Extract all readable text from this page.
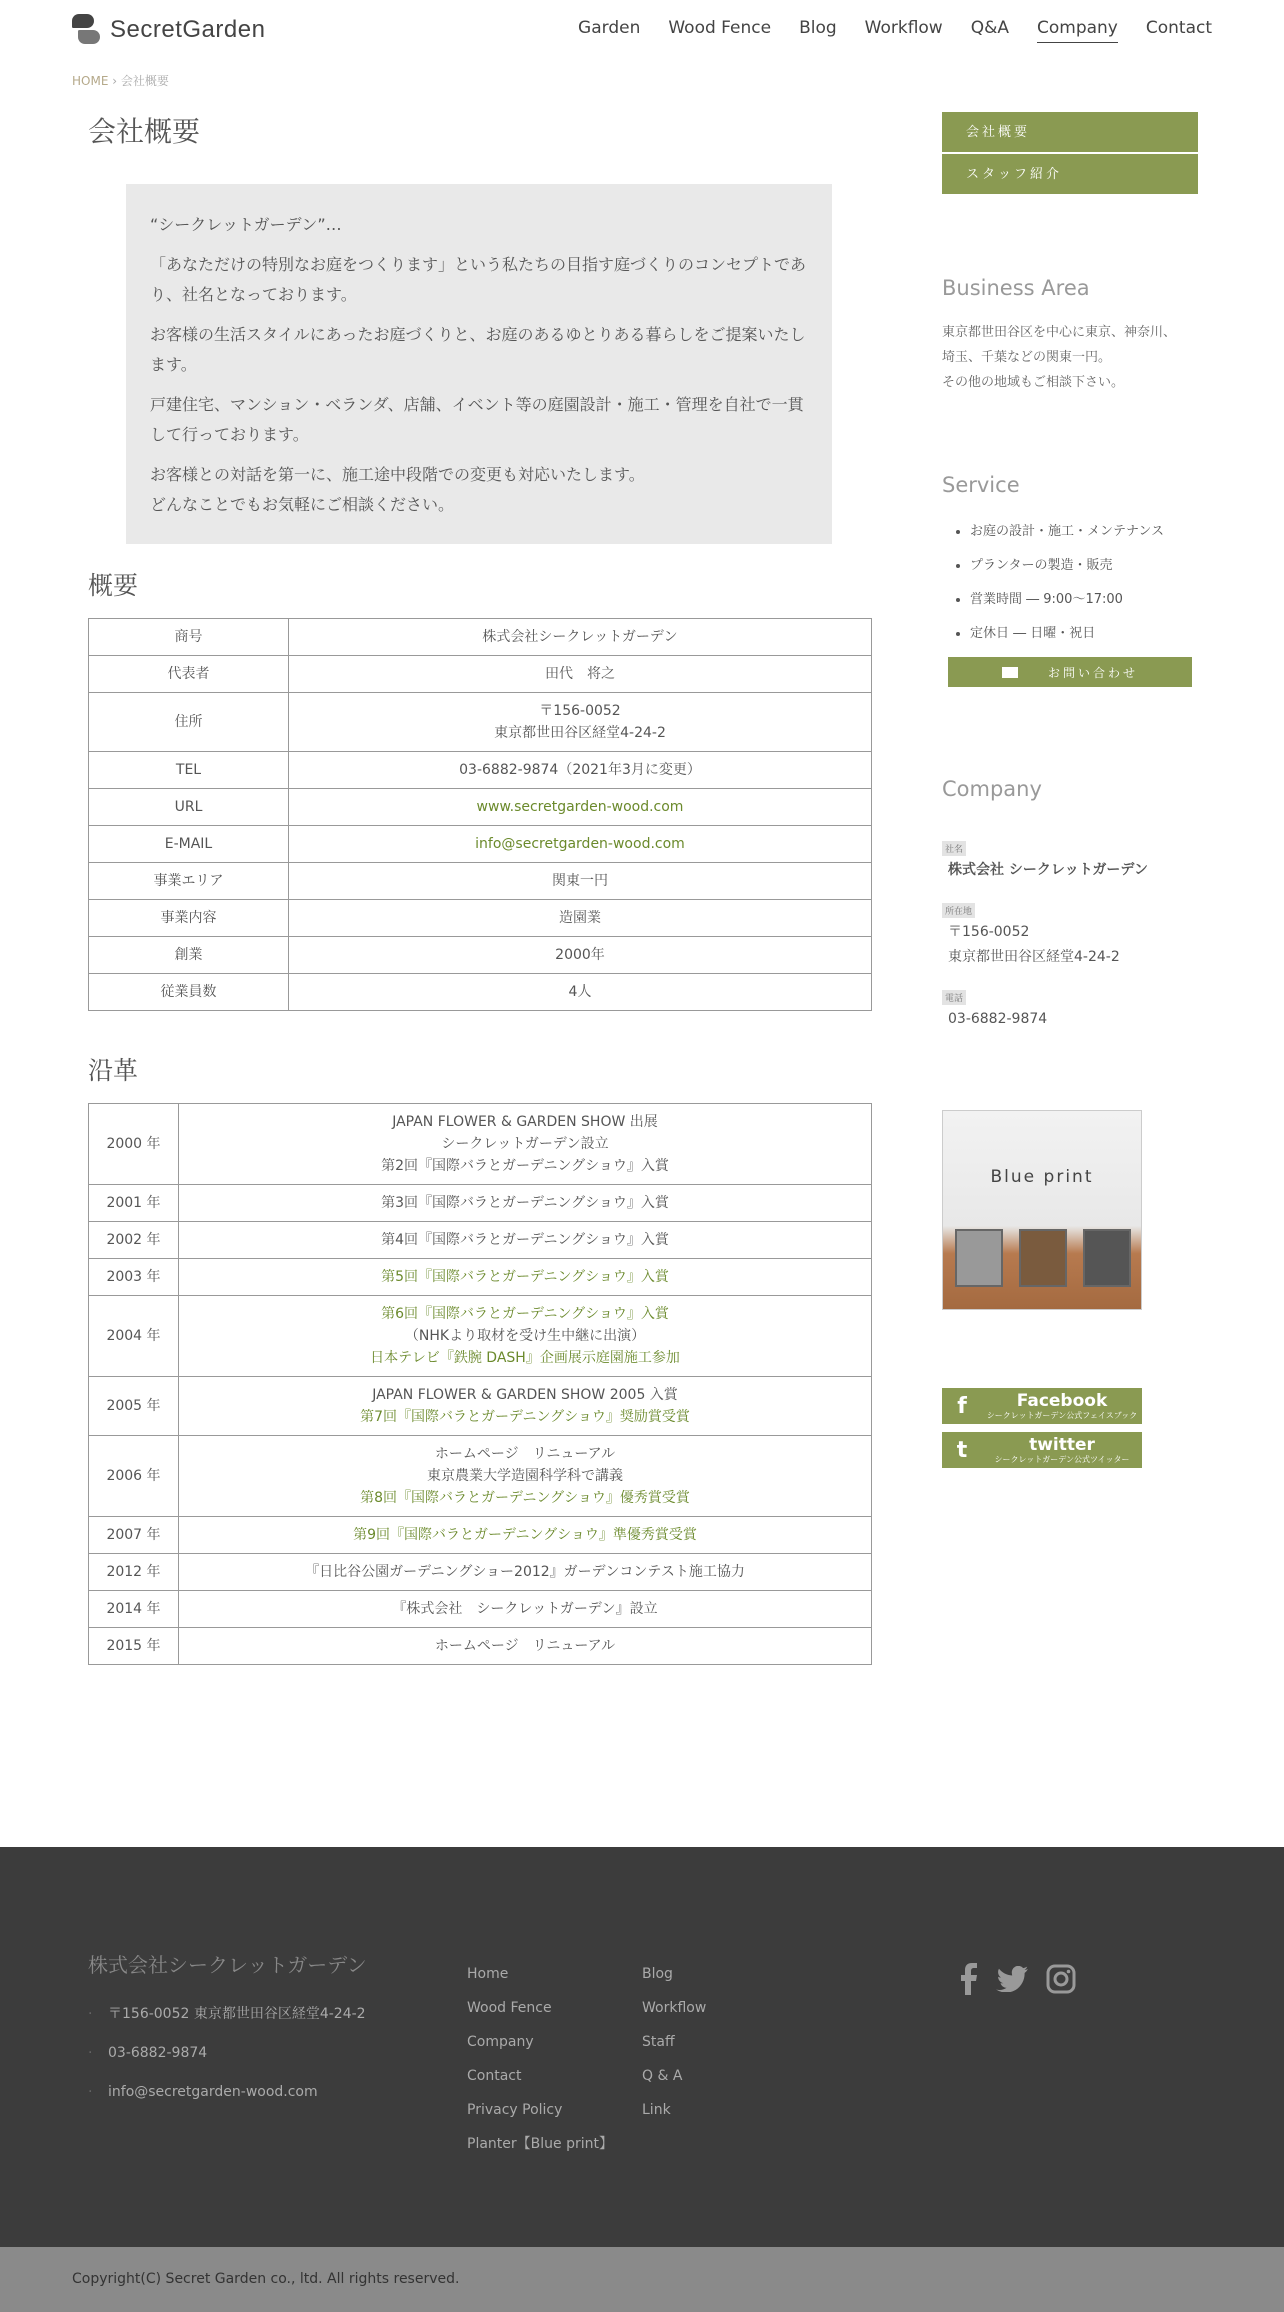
SecretGarden	Garden Wood Fence Blog Workflow Q&A Company Contact
HOME › 会社概要
会社概要

“シークレットガーデン”…

「あなただけの特別なお庭をつくります」という私たちの目指す庭づくりのコンセプトであり、社名となっております。

お客様の生活スタイルにあったお庭づくりと、お庭のあるゆとりある暮らしをご提案いたします。

戸建住宅、マンション・ベランダ、店舗、イベント等の庭園設計・施工・管理を自社で一貫して行っております。

お客様との対話を第一に、施工途中段階での変更も対応いたします。
どんなことでもお気軽にご相談ください。

概要
商号	株式会社シークレットガーデン
代表者	田代　将之
住所	〒156-0052
東京都世田谷区経堂4-24-2
TEL	03-6882-9874（2021年3月に変更）
URL	www.secretgarden-wood.com
E-MAIL	info@secretgarden-wood.com
事業エリア	関東一円
事業内容	造園業
創業	2000年
従業員数	4人
沿革
2000 年	JAPAN FLOWER & GARDEN SHOW 出展
シークレットガーデン設立
第2回『国際バラとガーデニングショウ』入賞

2001 年	第3回『国際バラとガーデニングショウ』入賞

2002 年	第4回『国際バラとガーデニングショウ』入賞

2003 年	第5回『国際バラとガーデニングショウ』入賞

2004 年	第6回『国際バラとガーデニングショウ』入賞
（NHKより取材を受け生中継に出演）
日本テレビ『鉄腕 DASH』企画展示庭園施工参加

2005 年	JAPAN FLOWER & GARDEN SHOW 2005 入賞
第7回『国際バラとガーデニングショウ』奨励賞受賞

2006 年	ホームページ　リニューアル
東京農業大学造園科学科で講義
第8回『国際バラとガーデニングショウ』優秀賞受賞

2007 年	第9回『国際バラとガーデニングショウ』準優秀賞受賞

2012 年	『日比谷公園ガーデニングショー2012』ガーデンコンテスト施工協力

2014 年	『株式会社　シークレットガーデン』設立

2015 年	ホームページ　リニューアル
会社概要
スタッフ紹介
Business Area

東京都世田谷区を中心に東京、神奈川、
埼玉、千葉などの関東一円。
その他の地域もご相談下さい。

Service
• お庭の設計・施工・メンテナンス
• プランターの製造・販売
• 営業時間 ― 9:00〜17:00
• 定休日 ― 日曜・祝日
お問い合わせ
Company
社名
株式会社 シークレットガーデン
所在地
〒156-0052
東京都世田谷区経堂4-24-2
電話
03-6882-9874
Blue print
f	Facebook
シークレットガーデン公式フェイスブック
t	twitter
シークレットガーデン公式ツイッター
株式会社シークレットガーデン
· 〒156-0052 東京都世田谷区経堂4-24-2
· 03-6882-9874
· info@secretgarden-wood.com
Home
Wood Fence
Company
Contact
Privacy Policy
Planter【Blue print】
Blog
Workflow
Staff
Q & A
Link
Copyright(C) Secret Garden co., ltd. All rights reserved.
